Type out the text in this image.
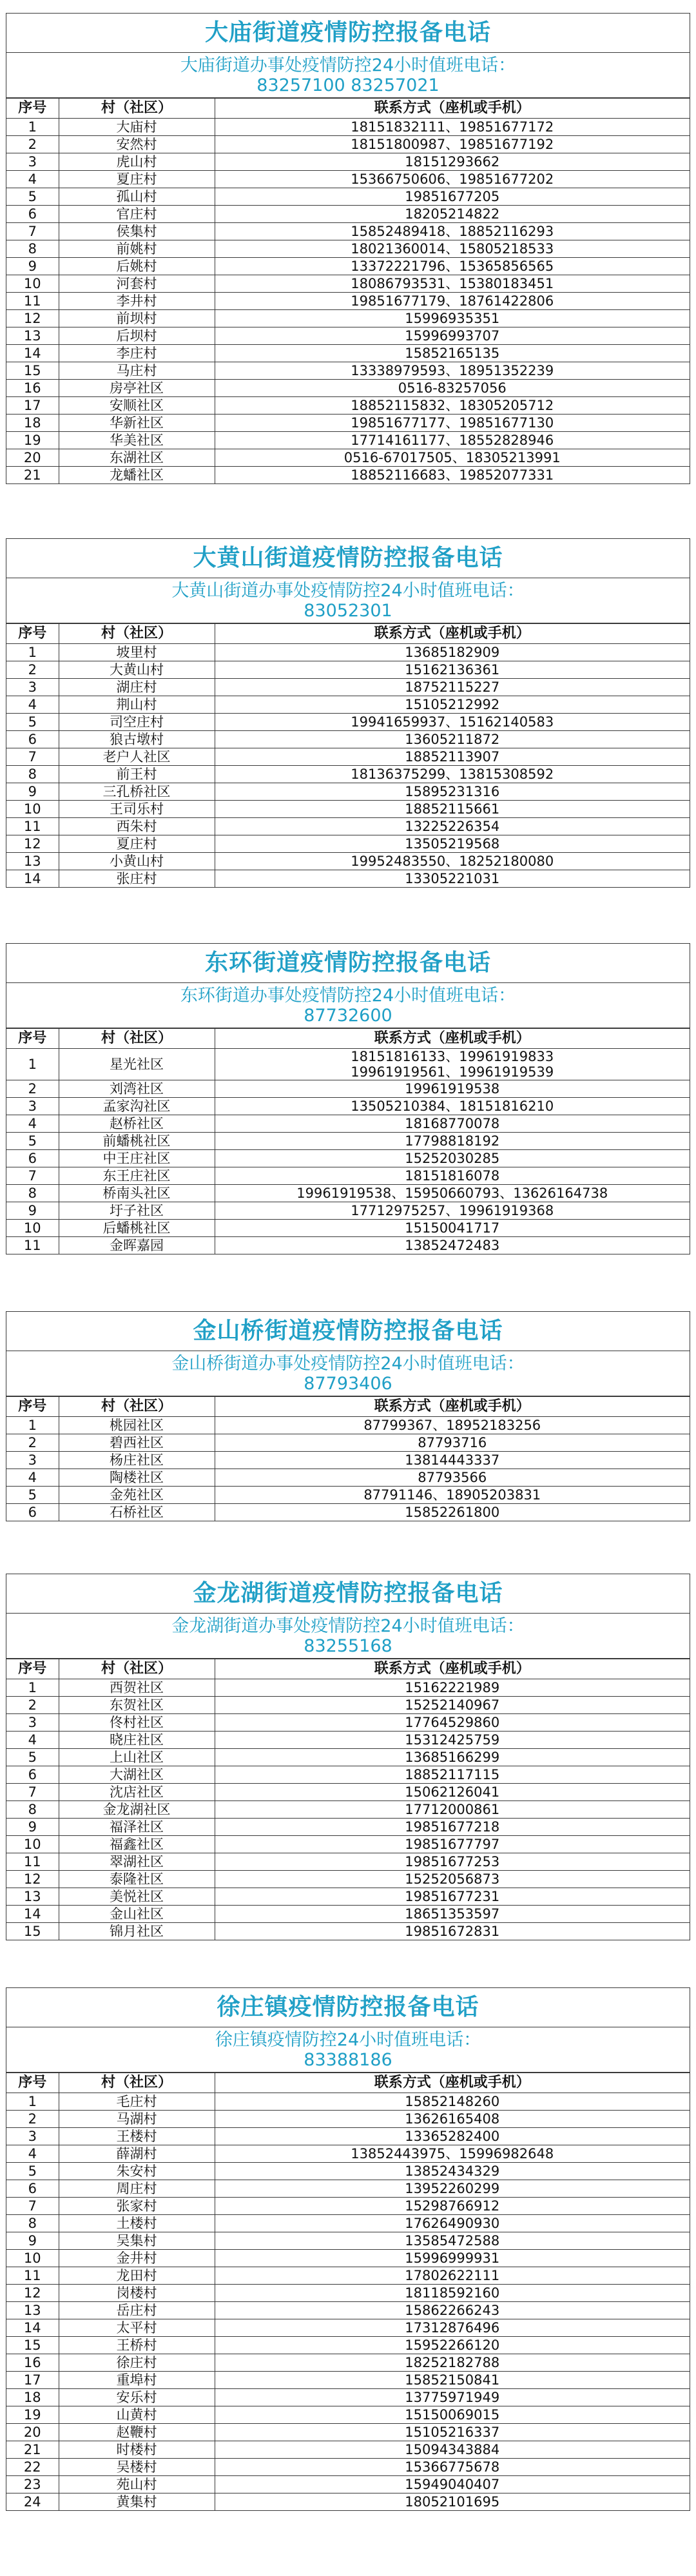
大庙街道疫情防控报备电话
大庙街道办事处疫情防控24小时值班电话：
83257100 83257021
序号	村（社区）	联系方式（座机或手机）
1	大庙村	18151832111、19851677172

2	安然村	18151800987、19851677192

3	虎山村	18151293662

4	夏庄村	15366750606、19851677202

5	孤山村	19851677205

6	官庄村	18205214822

7	侯集村	15852489418、18852116293

8	前姚村	18021360014、15805218533

9	后姚村	13372221796、15365856565

10	河套村	18086793531、15380183451

11	李井村	19851677179、18761422806

12	前坝村	15996935351

13	后坝村	15996993707

14	李庄村	15852165135

15	马庄村	13338979593、18951352239

16	房亭社区	0516-83257056

17	安顺社区	18852115832、18305205712

18	华新社区	19851677177、19851677130

19	华美社区	17714161177、18552828946

20	东湖社区	0516-67017505、18305213991

21	龙蟠社区	18852116683、19852077331
大黄山街道疫情防控报备电话
大黄山街道办事处疫情防控24小时值班电话：
83052301
序号	村（社区）	联系方式（座机或手机）
1	坡里村	13685182909

2	大黄山村	15162136361

3	湖庄村	18752115227

4	荆山村	15105212992

5	司空庄村	19941659937、15162140583

6	狼古墩村	13605211872

7	老户人社区	18852113907

8	前王村	18136375299、13815308592

9	三孔桥社区	15895231316

10	王司乐村	18852115661

11	西朱村	13225226354

12	夏庄村	13505219568

13	小黄山村	19952483550、18252180080

14	张庄村	13305221031
东环街道疫情防控报备电话
东环街道办事处疫情防控24小时值班电话：
87732600
序号	村（社区）	联系方式（座机或手机）
1	星光社区	18151816133、19961919833
19961919561、19961919539

2	刘湾社区	19961919538

3	孟家沟社区	13505210384、18151816210

4	赵桥社区	18168770078

5	前蟠桃社区	17798818192

6	中王庄社区	15252030285

7	东王庄社区	18151816078

8	桥南头社区	19961919538、15950660793、13626164738

9	圩子社区	17712975257、19961919368

10	后蟠桃社区	15150041717

11	金晖嘉园	13852472483
金山桥街道疫情防控报备电话
金山桥街道办事处疫情防控24小时值班电话：
87793406
序号	村（社区）	联系方式（座机或手机）
1	桃园社区	87799367、18952183256

2	碧西社区	87793716

3	杨庄社区	13814443337

4	陶楼社区	87793566

5	金苑社区	87791146、18905203831

6	石桥社区	15852261800
金龙湖街道疫情防控报备电话
金龙湖街道办事处疫情防控24小时值班电话：
83255168
序号	村（社区）	联系方式（座机或手机）
1	西贺社区	15162221989

2	东贺社区	15252140967

3	佟村社区	17764529860

4	晓庄社区	15312425759

5	上山社区	13685166299

6	大湖社区	18852117115

7	沈店社区	15062126041

8	金龙湖社区	17712000861

9	福泽社区	19851677218

10	福鑫社区	19851677797

11	翠湖社区	19851677253

12	泰隆社区	15252056873

13	美悦社区	19851677231

14	金山社区	18651353597

15	锦月社区	19851672831
徐庄镇疫情防控报备电话
徐庄镇疫情防控24小时值班电话：
83388186
序号	村（社区）	联系方式（座机或手机）
1	毛庄村	15852148260

2	马湖村	13626165408

3	王楼村	13365282400

4	薛湖村	13852443975、15996982648

5	朱安村	13852434329

6	周庄村	13952260299

7	张家村	15298766912

8	土楼村	17626490930

9	吴集村	13585472588

10	金井村	15996999931

11	龙田村	17802622111

12	岗楼村	18118592160

13	岳庄村	15862266243

14	太平村	17312876496

15	王桥村	15952266120

16	徐庄村	18252182788

17	重埠村	15852150841

18	安乐村	13775971949

19	山黄村	15150069015

20	赵鞭村	15105216337

21	时楼村	15094343884

22	吴楼村	15366775678

23	苑山村	15949040407

24	黄集村	18052101695
